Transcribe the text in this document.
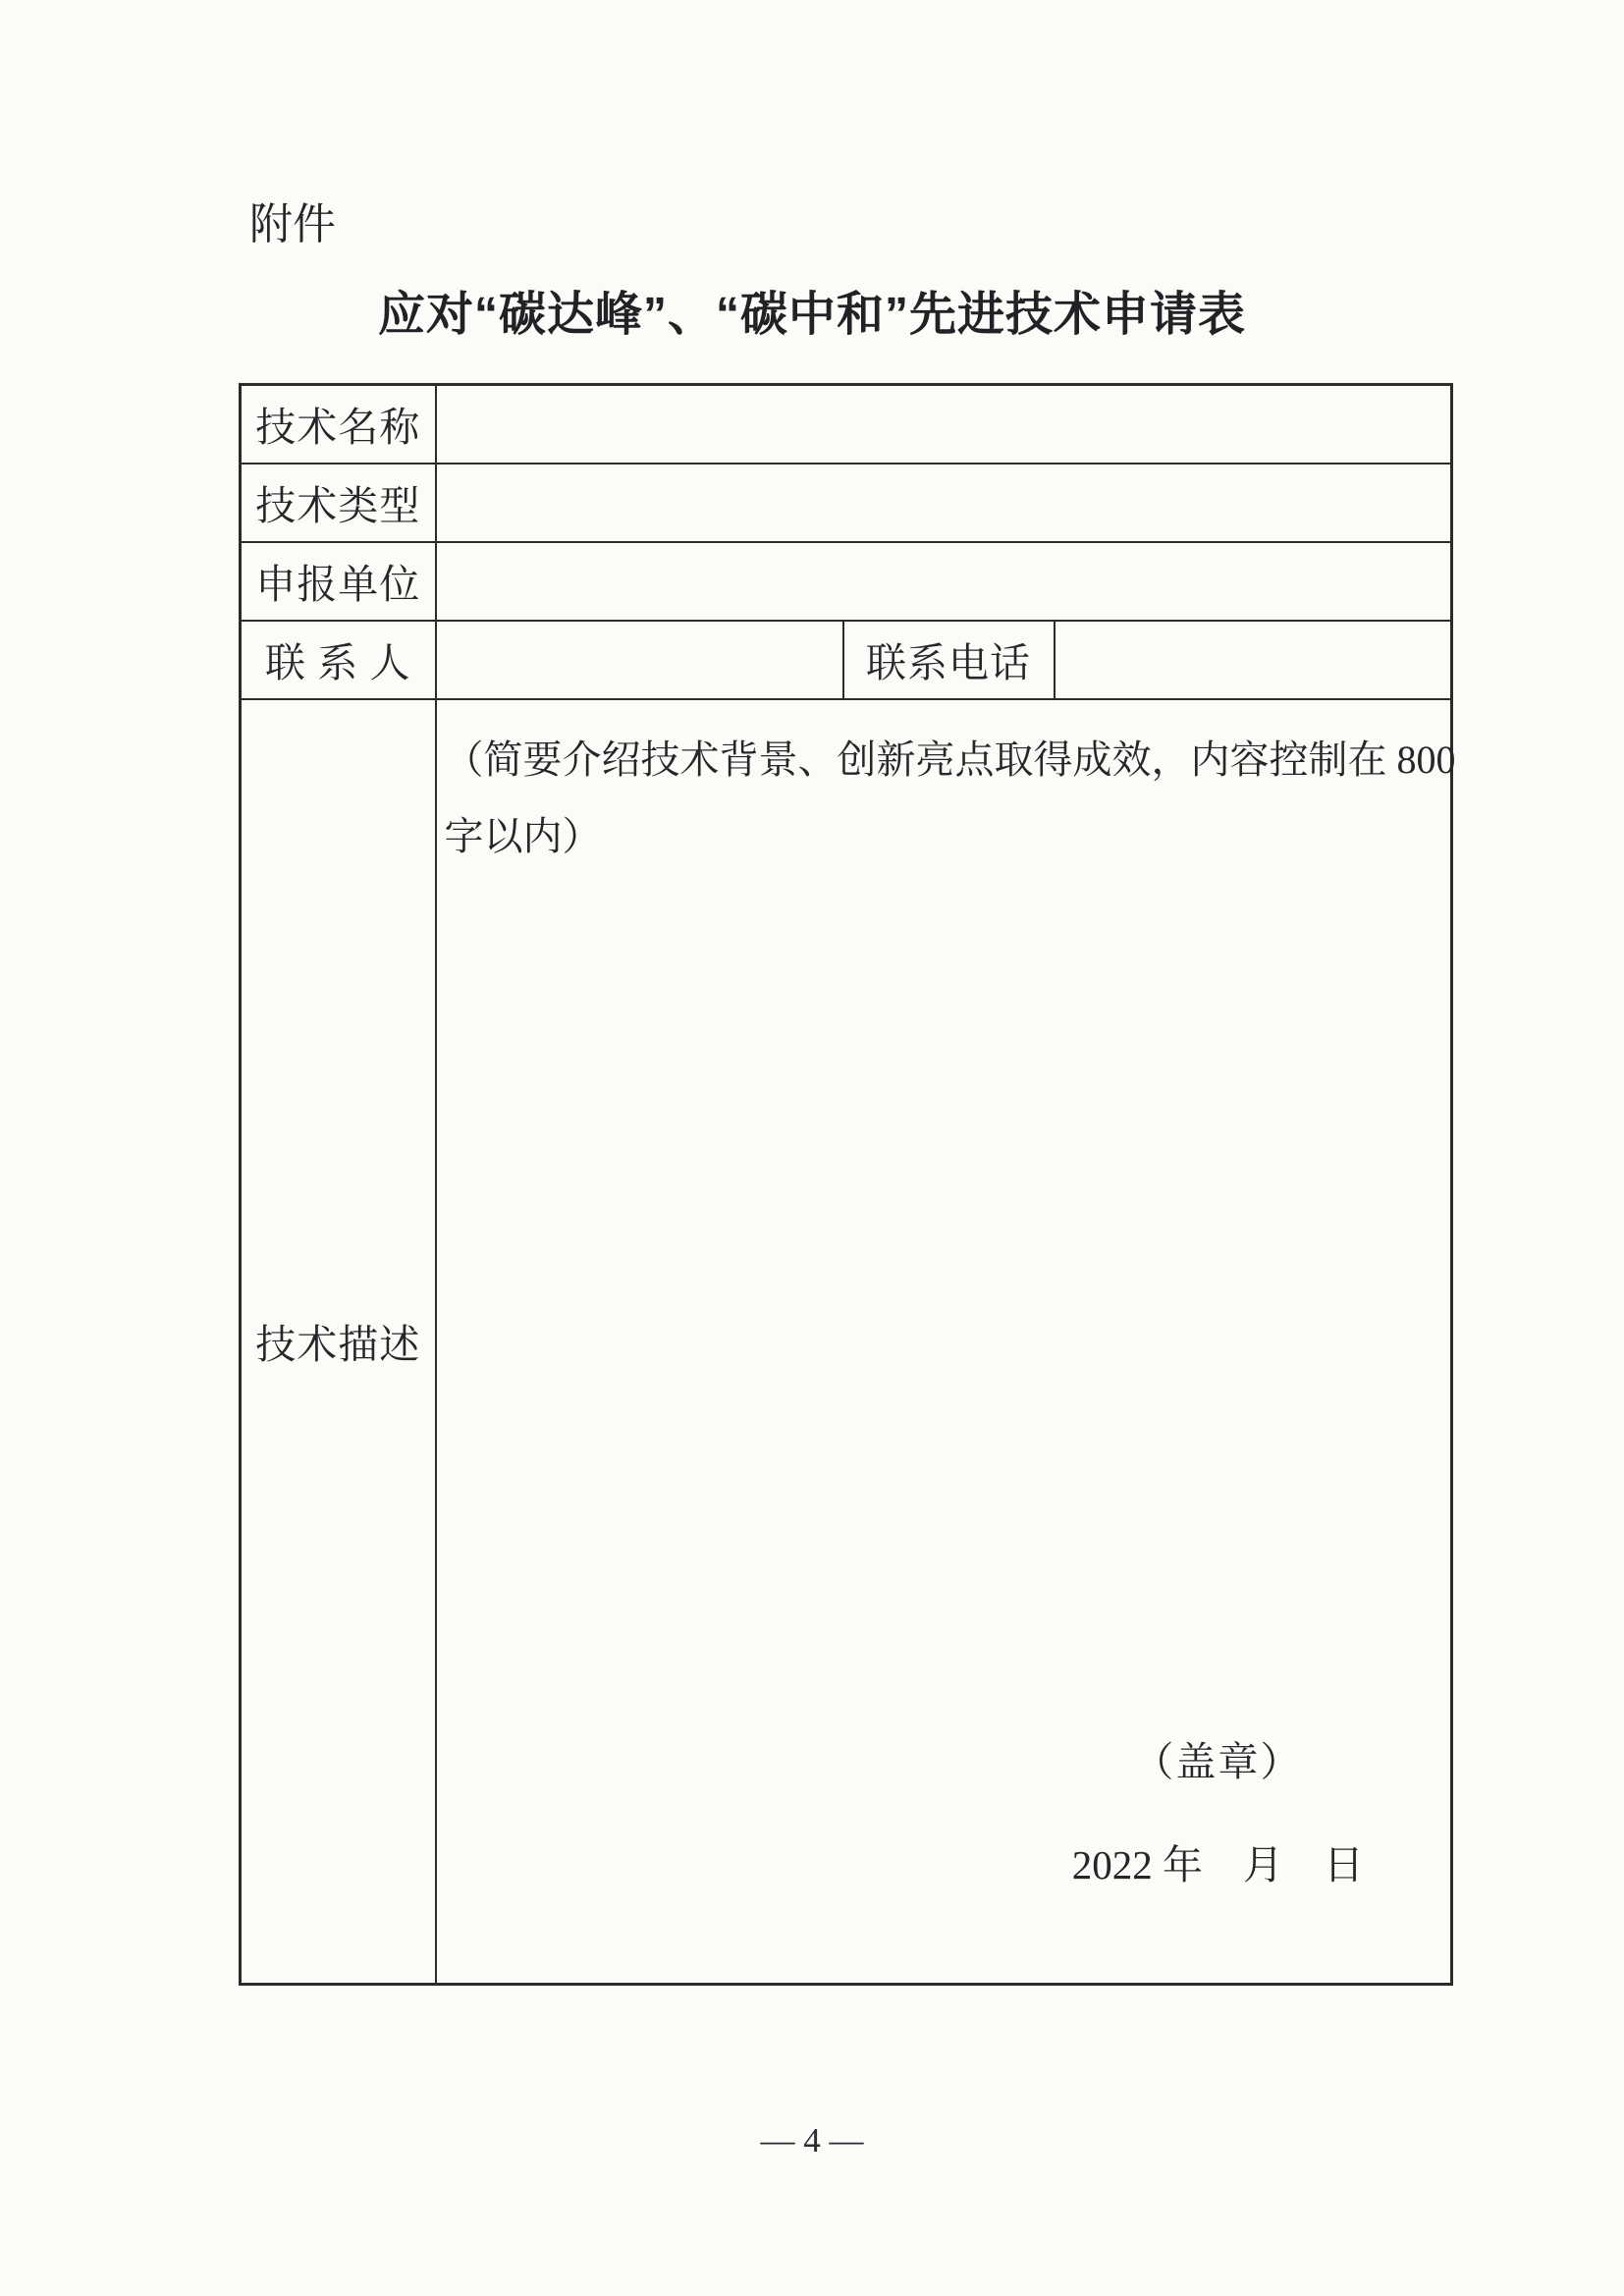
附件
应对“碳达峰”、“碳中和”先进技术申请表
技术名称			
技术类型			
申报单位			
联 系 人		联系电话	
技术描述	（简要介绍技术背景、创新亮点取得成效，内容控制在 800
字以内）
（盖章）
2022 年　月　日		
— 4 —
